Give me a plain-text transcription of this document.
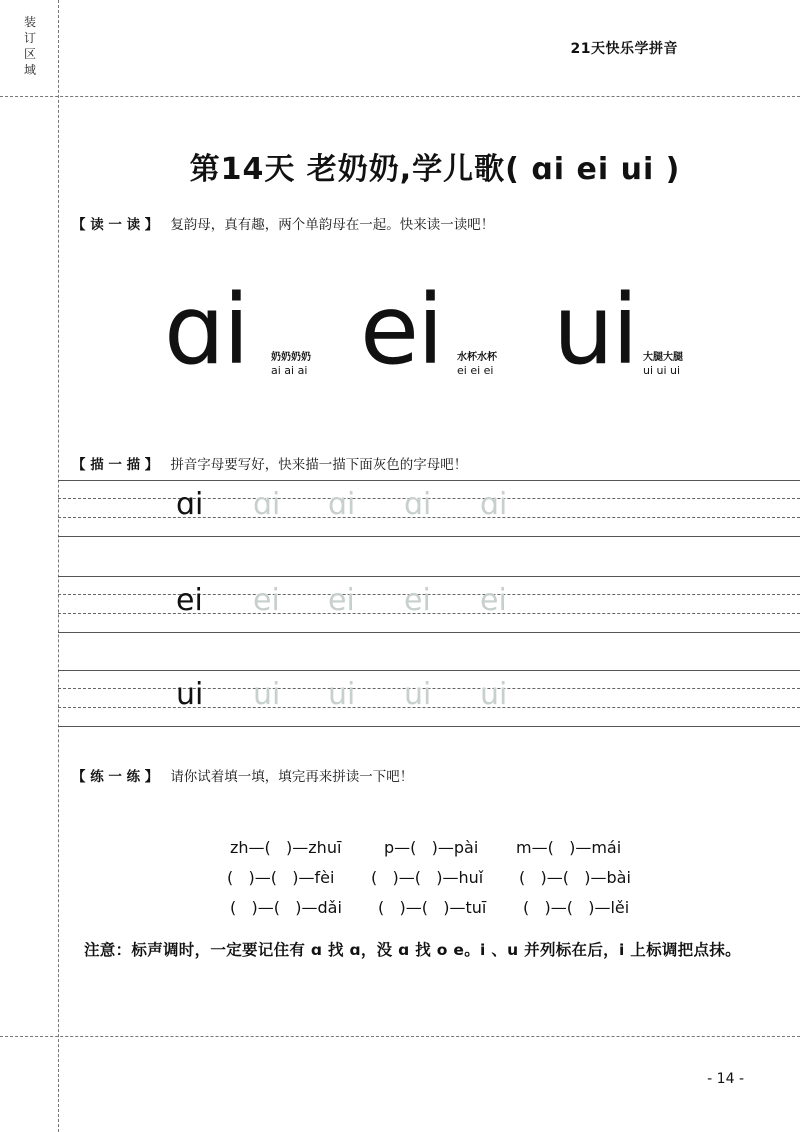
装
订
区
域
21天快乐学拼音
第14天 老奶奶,学儿歌( ɑi ei ui )
【 读 一 读 】 复韵母，真有趣，两个单韵母在一起。快来读一读吧！
ɑi 奶奶奶奶
ai ai ai ei 水杯水杯
ei ei ei ui 大腿大腿
ui ui ui
【 描 一 描 】 拼音字母要写好，快来描一描下面灰色的字母吧！
ɑi ɑi ɑi ɑi ɑi
ei ei ei ei ei
ui ui ui ui ui
【 练 一 练 】 请你试着填一填，填完再来拼读一下吧！
zh—(   )—zhuī	p—(   )—pài m—(   )—mái
(   )—(   )—fèi (   )—(   )—huǐ (   )—(   )—bài
(   )—(   )—dǎi (   )—(   )—tuī (   )—(   )—lěi
注意：标声调时，一定要记住有 ɑ 找 ɑ，没 ɑ 找 o e。i 、u 并列标在后，i 上标调把点抹。
- 14 -
